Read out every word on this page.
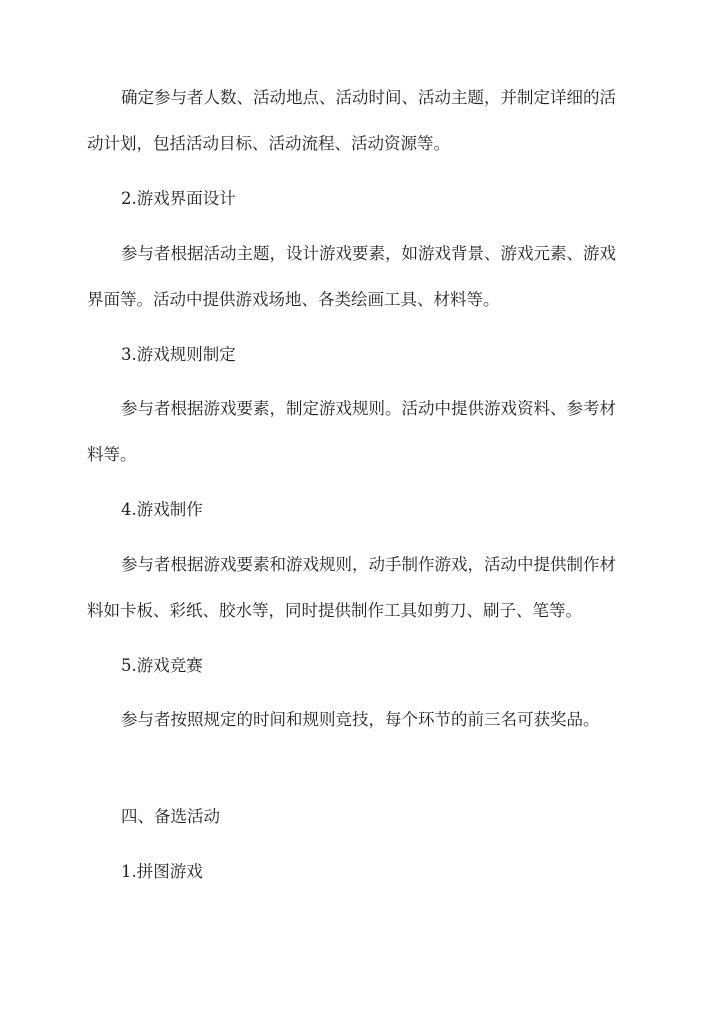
确定参与者人数、活动地点、活动时间、活动主题，并制定详细的活
动计划，包括活动目标、活动流程、活动资源等。
2.游戏界面设计
参与者根据活动主题，设计游戏要素，如游戏背景、游戏元素、游戏
界面等。活动中提供游戏场地、各类绘画工具、材料等。
3.游戏规则制定
参与者根据游戏要素，制定游戏规则。活动中提供游戏资料、参考材
料等。
4.游戏制作
参与者根据游戏要素和游戏规则，动手制作游戏，活动中提供制作材
料如卡板、彩纸、胶水等，同时提供制作工具如剪刀、刷子、笔等。
5.游戏竞赛
参与者按照规定的时间和规则竞技，每个环节的前三名可获奖品。
四、备选活动
1.拼图游戏
